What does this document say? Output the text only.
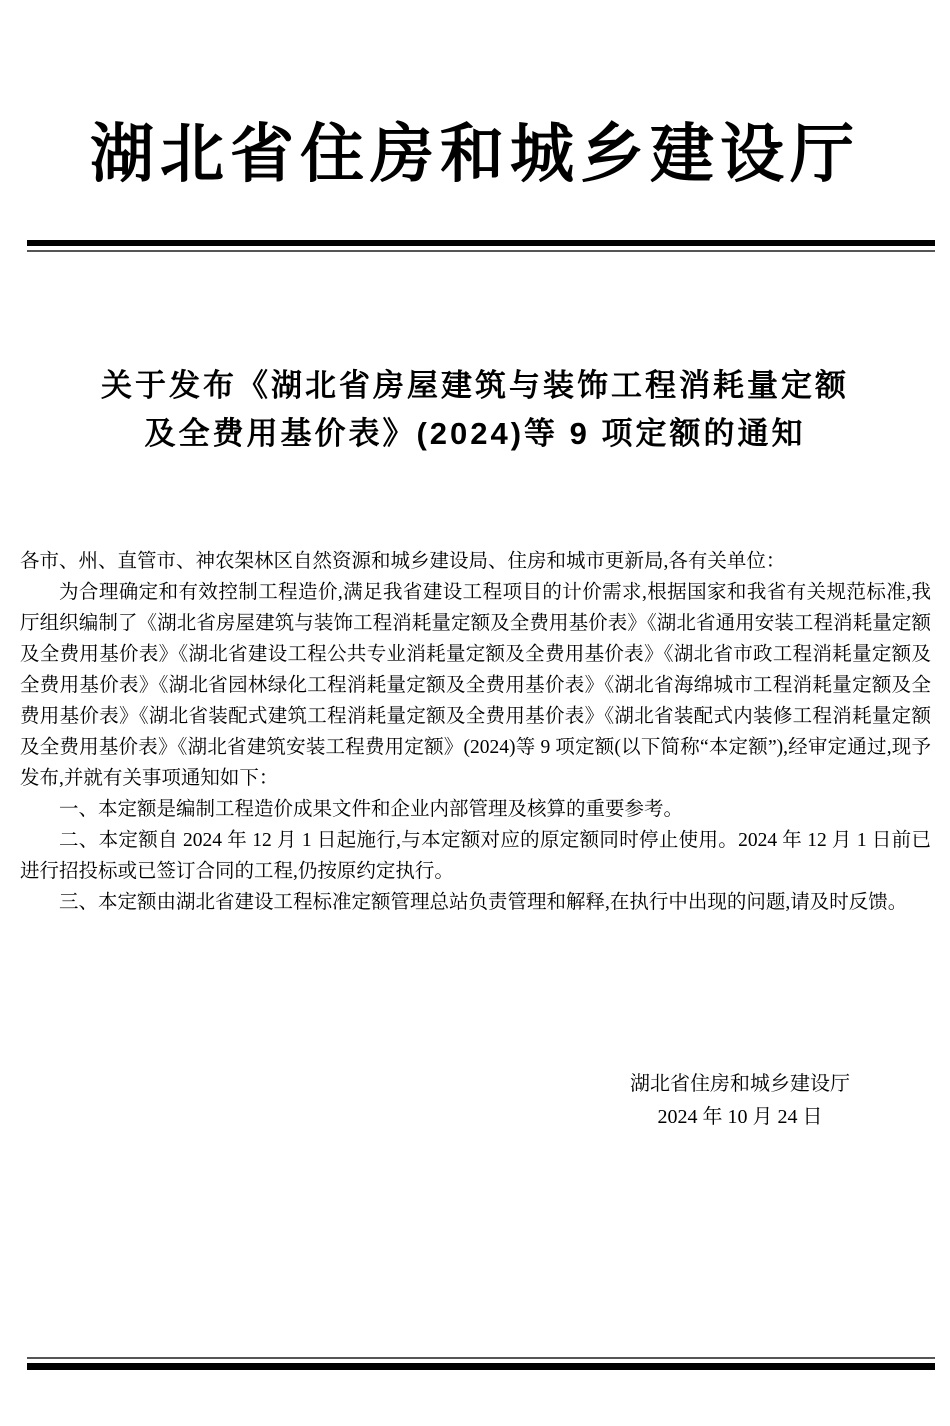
湖北省住房和城乡建设厅
关于发布《湖北省房屋建筑与装饰工程消耗量定额
及全费用基价表》(2024)等 9 项定额的通知

各市、州、直管市、神农架林区自然资源和城乡建设局、住房和城市更新局,各有关单位：

为合理确定和有效控制工程造价,满足我省建设工程项目的计价需求,根据国家和我省有关规范标准,我厅组织编制了《湖北省房屋建筑与装饰工程消耗量定额及全费用基价表》《湖北省通用安装工程消耗量定额及全费用基价表》《湖北省建设工程公共专业消耗量定额及全费用基价表》《湖北省市政工程消耗量定额及全费用基价表》《湖北省园林绿化工程消耗量定额及全费用基价表》《湖北省海绵城市工程消耗量定额及全费用基价表》《湖北省装配式建筑工程消耗量定额及全费用基价表》《湖北省装配式内装修工程消耗量定额及全费用基价表》《湖北省建筑安装工程费用定额》(2024)等 9 项定额(以下简称“本定额”),经审定通过,现予发布,并就有关事项通知如下：

一、本定额是编制工程造价成果文件和企业内部管理及核算的重要参考。

二、本定额自 2024 年 12 月 1 日起施行,与本定额对应的原定额同时停止使用。2024 年 12 月 1 日前已进行招投标或已签订合同的工程,仍按原约定执行。

三、本定额由湖北省建设工程标准定额管理总站负责管理和解释,在执行中出现的问题,请及时反馈。

湖北省住房和城乡建设厅
2024 年 10 月 24 日
